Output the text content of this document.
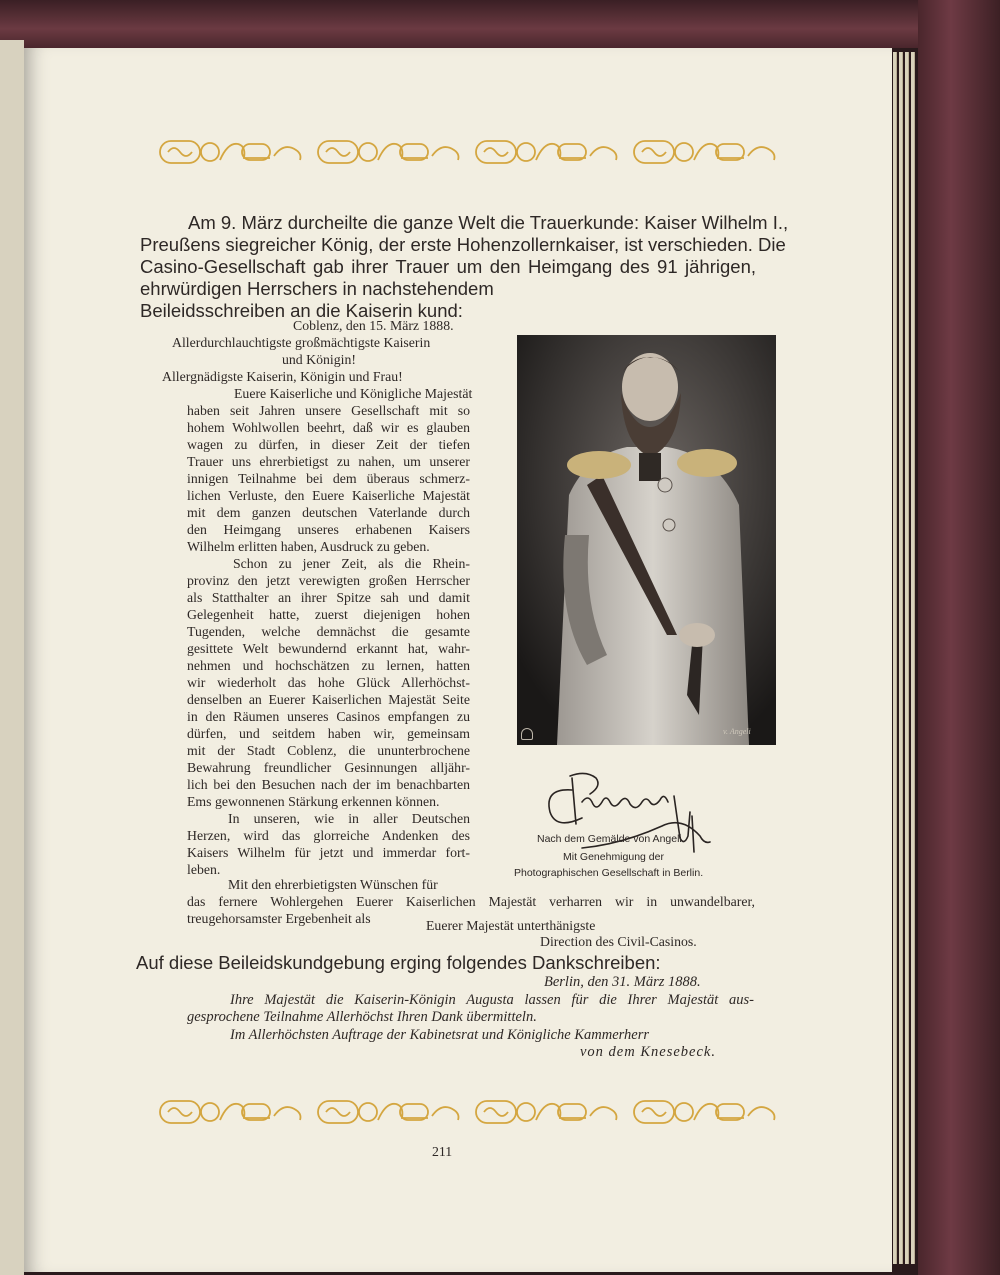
Am 9. März durcheilte die ganze Welt die Trauerkunde: Kaiser Wilhelm I.,
Preußens siegreicher König, der erste Hohenzollernkaiser, ist verschieden. Die
Casino-Gesellschaft gab ihrer Trauer um den Heimgang des 91 jährigen,
ehrwürdigen Herrschers in nachstehendem
Beileidsschreiben an die Kaiserin kund:
Coblenz, den 15. März 1888.
Allerdurchlauchtigste großmächtigste Kaiserin
und Königin!
Allergnädigste Kaiserin, Königin und Frau!
Euere Kaiserliche und Königliche Majestät
haben seit Jahren unsere Gesellschaft mit so
hohem Wohlwollen beehrt, daß wir es glauben
wagen zu dürfen, in dieser Zeit der tiefen
Trauer uns ehrerbietigst zu nahen, um unserer
innigen Teilnahme bei dem überaus schmerz-
lichen Verluste, den Euere Kaiserliche Majestät
mit dem ganzen deutschen Vaterlande durch
den Heimgang unseres erhabenen Kaisers
Wilhelm erlitten haben, Ausdruck zu geben.
Schon zu jener Zeit, als die Rhein-
provinz den jetzt verewigten großen Herrscher
als Statthalter an ihrer Spitze sah und damit
Gelegenheit hatte, zuerst diejenigen hohen
Tugenden, welche demnächst die gesamte
gesittete Welt bewundernd erkannt hat, wahr-
nehmen und hochschätzen zu lernen, hatten
wir wiederholt das hohe Glück Allerhöchst-
denselben an Euerer Kaiserlichen Majestät Seite
in den Räumen unseres Casinos empfangen zu
dürfen, und seitdem haben wir, gemeinsam
mit der Stadt Coblenz, die ununterbrochene
Bewahrung freundlicher Gesinnungen alljähr-
lich bei den Besuchen nach der im benachbarten
Ems gewonnenen Stärkung erkennen können.
In unseren, wie in aller Deutschen
Herzen, wird das glorreiche Andenken des
Kaisers Wilhelm für jetzt und immerdar fort-
leben.
Mit den ehrerbietigsten Wünschen für
das fernere Wohlergehen Euerer Kaiserlichen Majestät verharren wir in unwandelbarer,
treugehorsamster Ergebenheit als	Euerer Majestät unterthänigste
Direction des Civil-Casinos.
Auf diese Beileidskundgebung erging folgendes Dankschreiben:
Berlin, den 31. März 1888.
Ihre Majestät die Kaiserin-Königin Augusta lassen für die Ihrer Majestät aus-
gesprochene Teilnahme Allerhöchst Ihren Dank übermitteln.
Im Allerhöchsten Auftrage der Kabinetsrat und Königliche Kammerherr
von dem Knesebeck.
v. Angeli
Nach dem Gemälde von Angeli.
Mit Genehmigung der
Photographischen Gesellschaft in Berlin.
211
